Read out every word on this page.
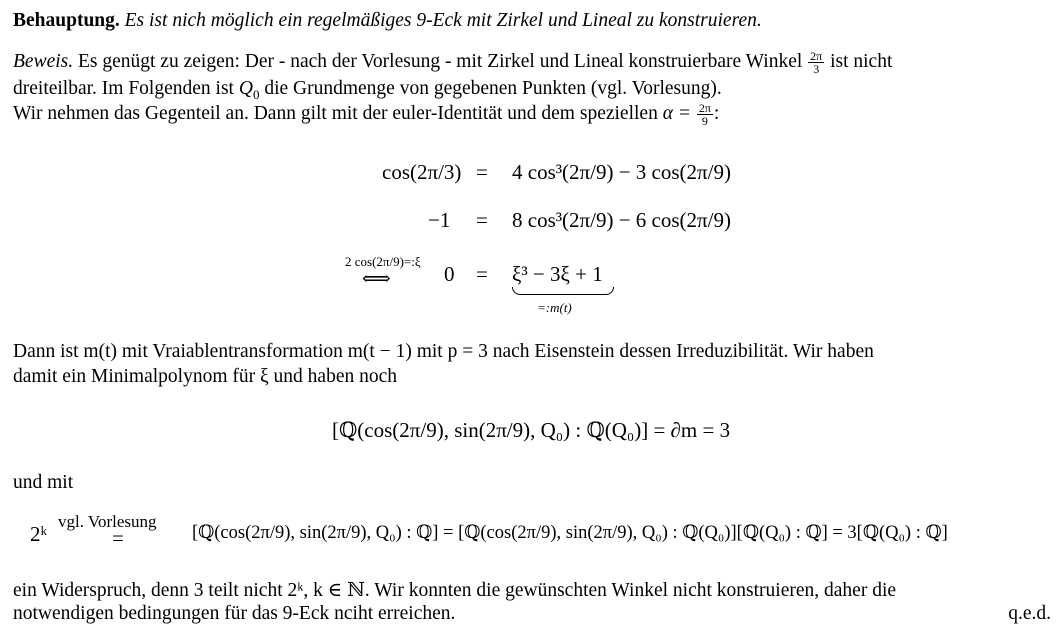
Behauptung. Es ist nich möglich ein regelmäßiges 9-Eck mit Zirkel und Lineal zu konstruieren.
Beweis. Es genügt zu zeigen: Der - nach der Vorlesung - mit Zirkel und Lineal konstruierbare Winkel $\frac{2\pi}{3}$ ist nicht
dreiteilbar. Im Folgenden ist $Q_0$ die Grundmenge von gegebenen Punkten (vgl. Vorlesung).
Wir nehmen das Gegenteil an. Dann gilt mit der euler-Identität und dem speziellen $\alpha = \frac{2\pi}{9}$ :
cos(2π/3) = 4 cos³(2π/9) − 3 cos(2π/9)
−1 = 8 cos³(2π/9) − 6 cos(2π/9)
2 cos(2π/9)=:ξ
⟺	0 = ξ³ − 3ξ + 1
=:m(t)
Dann ist m(t) mit Vraiablentransformation m(t − 1) mit p = 3 nach Eisenstein dessen Irreduzibilität. Wir haben
damit ein Minimalpolynom für ξ und haben noch
[ℚ(cos(2π/9), sin(2π/9), Q₀) : ℚ(Q₀)] = ∂m = 3
und mit
2ᵏ
vgl. Vorlesung
=	[ℚ(cos(2π/9), sin(2π/9), Q₀) : ℚ] = [ℚ(cos(2π/9), sin(2π/9), Q₀) : ℚ(Q₀)][ℚ(Q₀) : ℚ] = 3[ℚ(Q₀) : ℚ]
ein Widerspruch, denn 3 teilt nicht 2ᵏ, k ∈ ℕ. Wir konnten die gewünschten Winkel nicht konstruieren, daher die
notwendigen bedingungen für das 9-Eck nciht erreichen.	q.e.d.
